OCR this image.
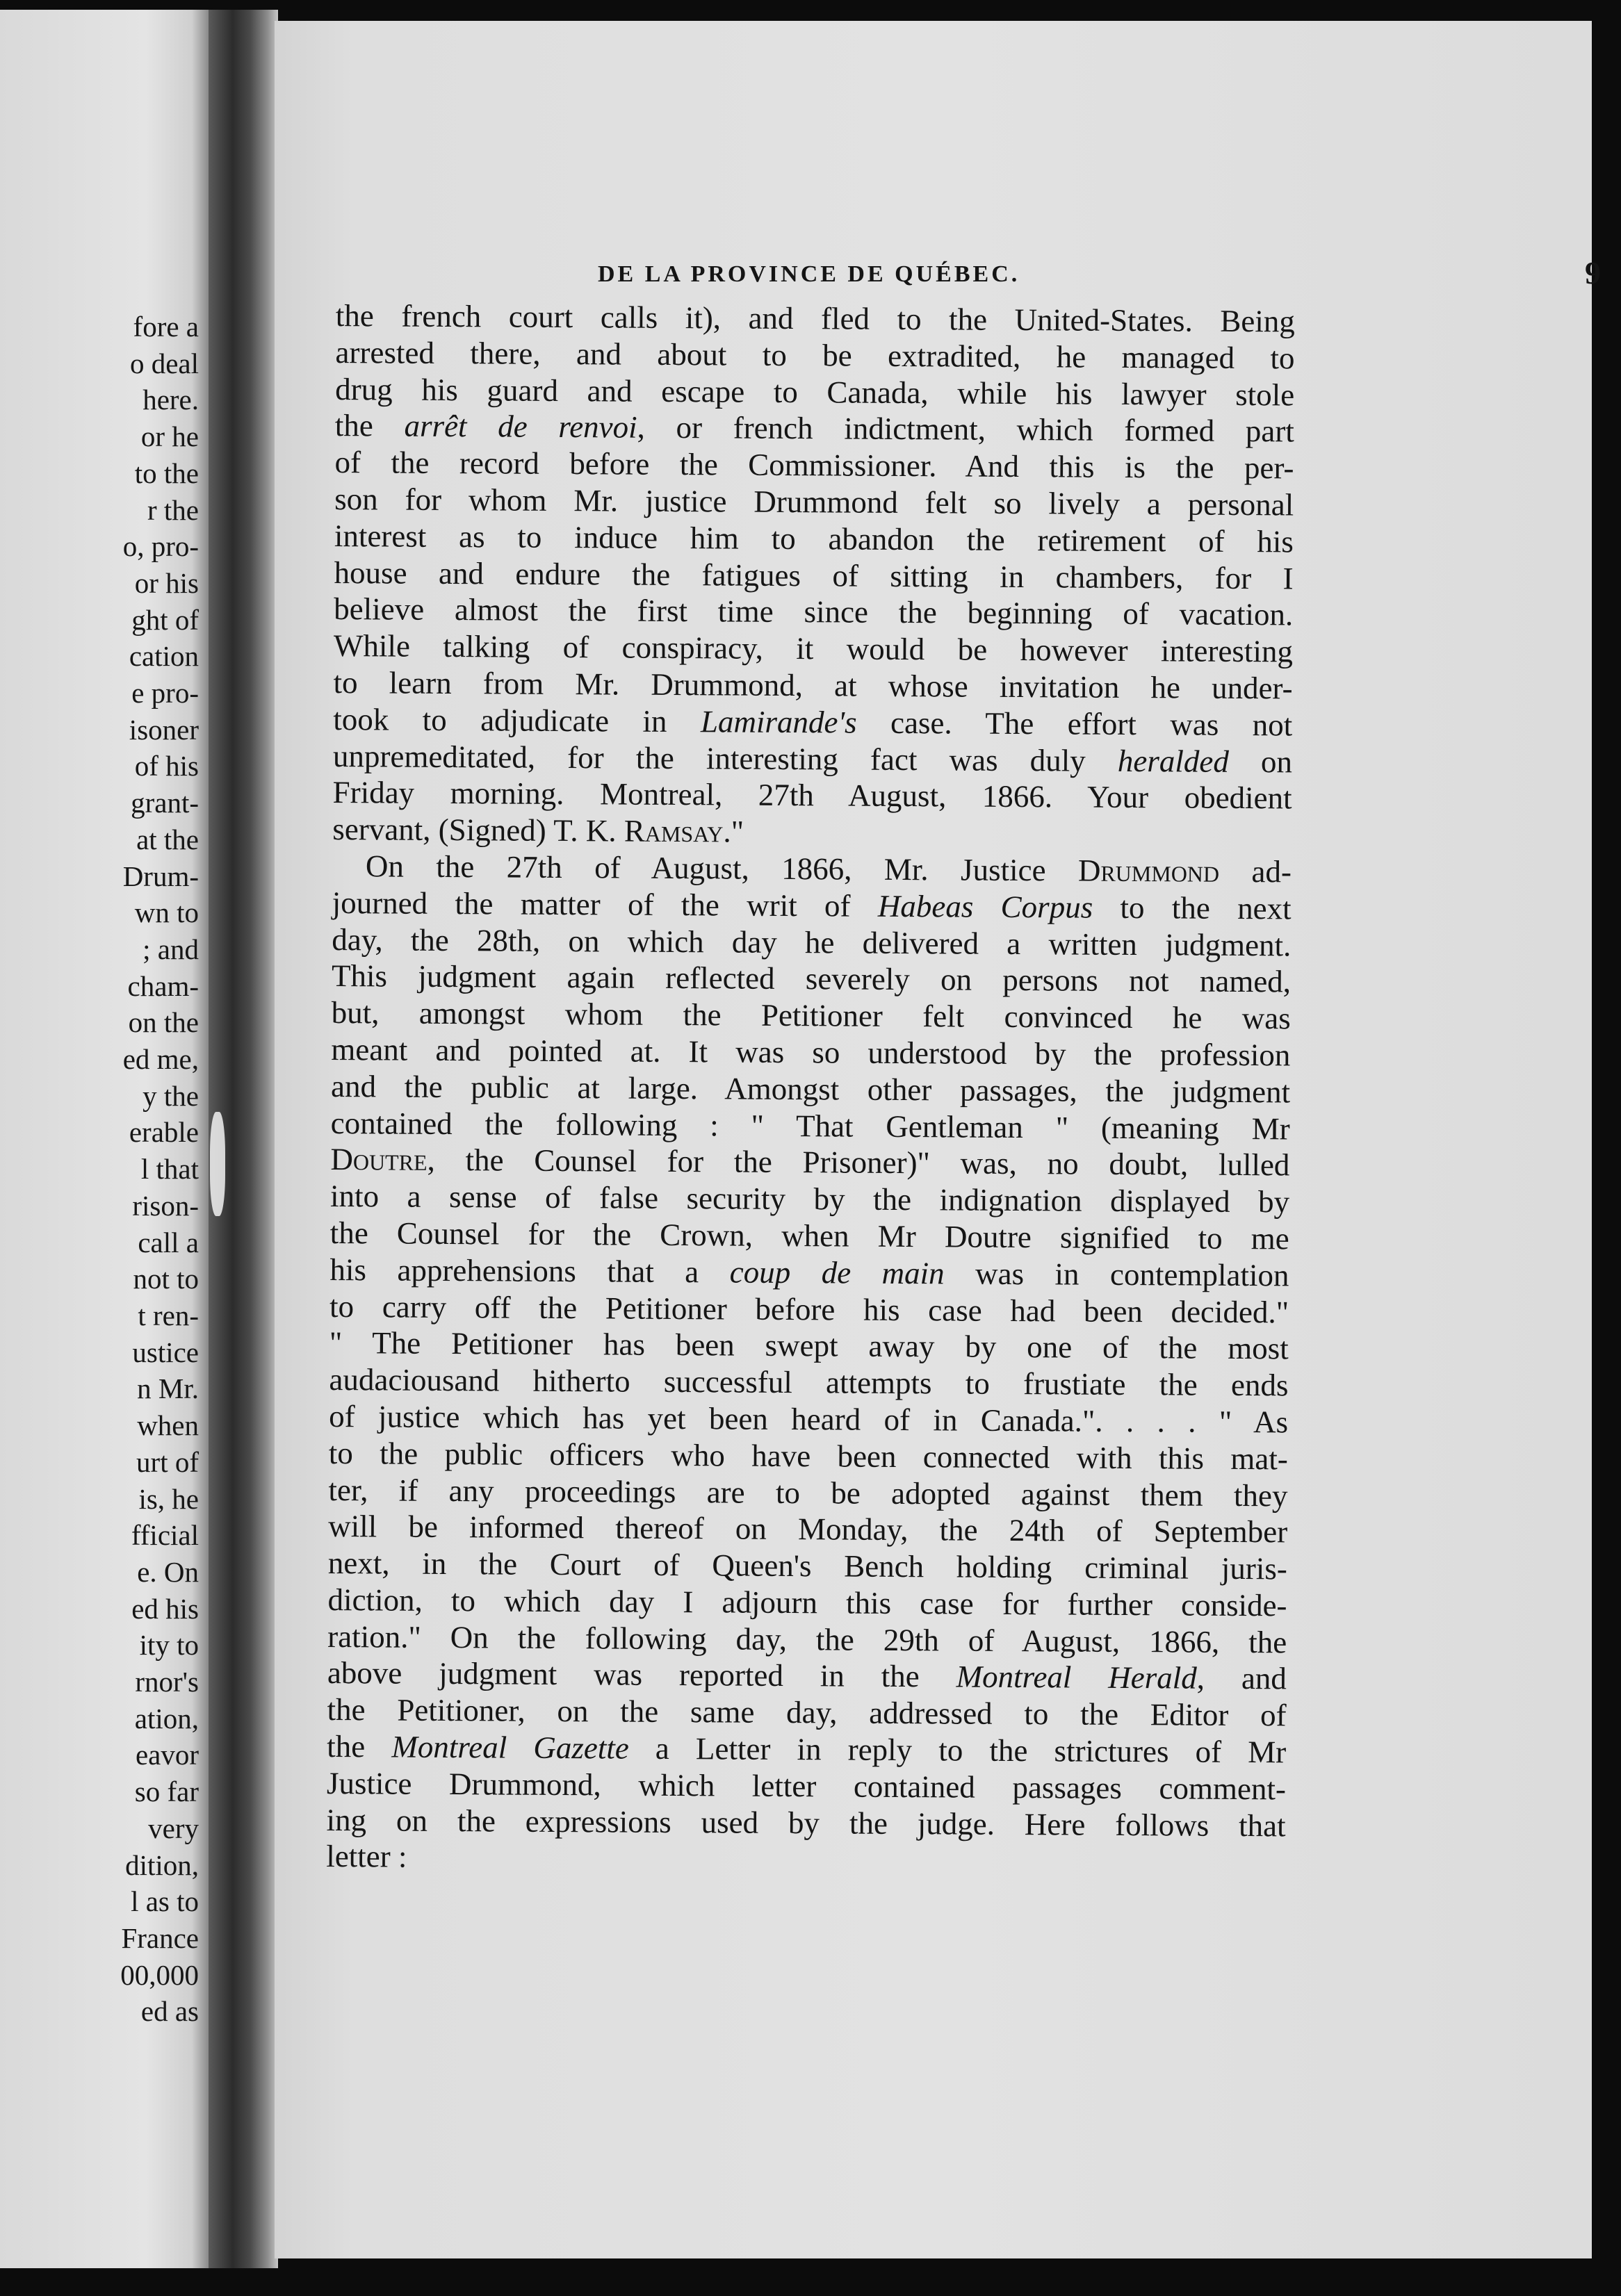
fore a
o deal
here.
or he
to the
r the
o, pro-
or his
ght of
cation
e pro-
isoner
of his
grant-
at the
Drum-
wn to
; and
cham-
on the
ed me,
y the
erable
l that
rison-
call a
not to
t ren-
ustice
n Mr.
when
urt of
is, he
fficial
e. On
ed his
ity to
rnor's
ation,
eavor
so far
very
dition,
l as to
France
00,000
ed as
DE LA PROVINCE DE QUÉBEC.	9
the french court calls it), and fled to the United-States. Being
arrested there, and about to be extradited, he managed to
drug his guard and escape to Canada, while his lawyer stole
the arrêt de renvoi, or french indictment, which formed part
of the record before the Commissioner. And this is the per-
son for whom Mr. justice Drummond felt so lively a personal
interest as to induce him to abandon the retirement of his
house and endure the fatigues of sitting in chambers, for I
believe almost the first time since the beginning of vacation.
While talking of conspiracy, it would be however interesting
to learn from Mr. Drummond, at whose invitation he under-
took to adjudicate in Lamirande's case. The effort was not
unpremeditated, for the interesting fact was duly heralded on
Friday morning. Montreal, 27th August, 1866. Your obedient
servant, (Signed) T. K. Ramsay."
On the 27th of August, 1866, Mr. Justice Drummond ad-
journed the matter of the writ of Habeas Corpus to the next
day, the 28th, on which day he delivered a written judgment.
This judgment again reflected severely on persons not named,
but, amongst whom the Petitioner felt convinced he was
meant and pointed at. It was so understood by the profession
and the public at large. Amongst other passages, the judgment
contained the following : " That Gentleman " (meaning Mr
Doutre, the Counsel for the Prisoner)" was, no doubt, lulled
into a sense of false security by the indignation displayed by
the Counsel for the Crown, when Mr Doutre signified to me
his apprehensions that a coup de main was in contemplation
to carry off the Petitioner before his case had been decided."
" The Petitioner has been swept away by one of the most
audaciousand hitherto successful attempts to frustiate the ends
of justice which has yet been heard of in Canada.". . . . " As
to the public officers who have been connected with this mat-
ter, if any proceedings are to be adopted against them they
will be informed thereof on Monday, the 24th of September
next, in the Court of Queen's Bench holding criminal juris-
diction, to which day I adjourn this case for further conside-
ration." On the following day, the 29th of August, 1866, the
above judgment was reported in the Montreal Herald, and
the Petitioner, on the same day, addressed to the Editor of
the Montreal Gazette a Letter in reply to the strictures of Mr
Justice Drummond, which letter contained passages comment-
ing on the expressions used by the judge. Here follows that
letter :
